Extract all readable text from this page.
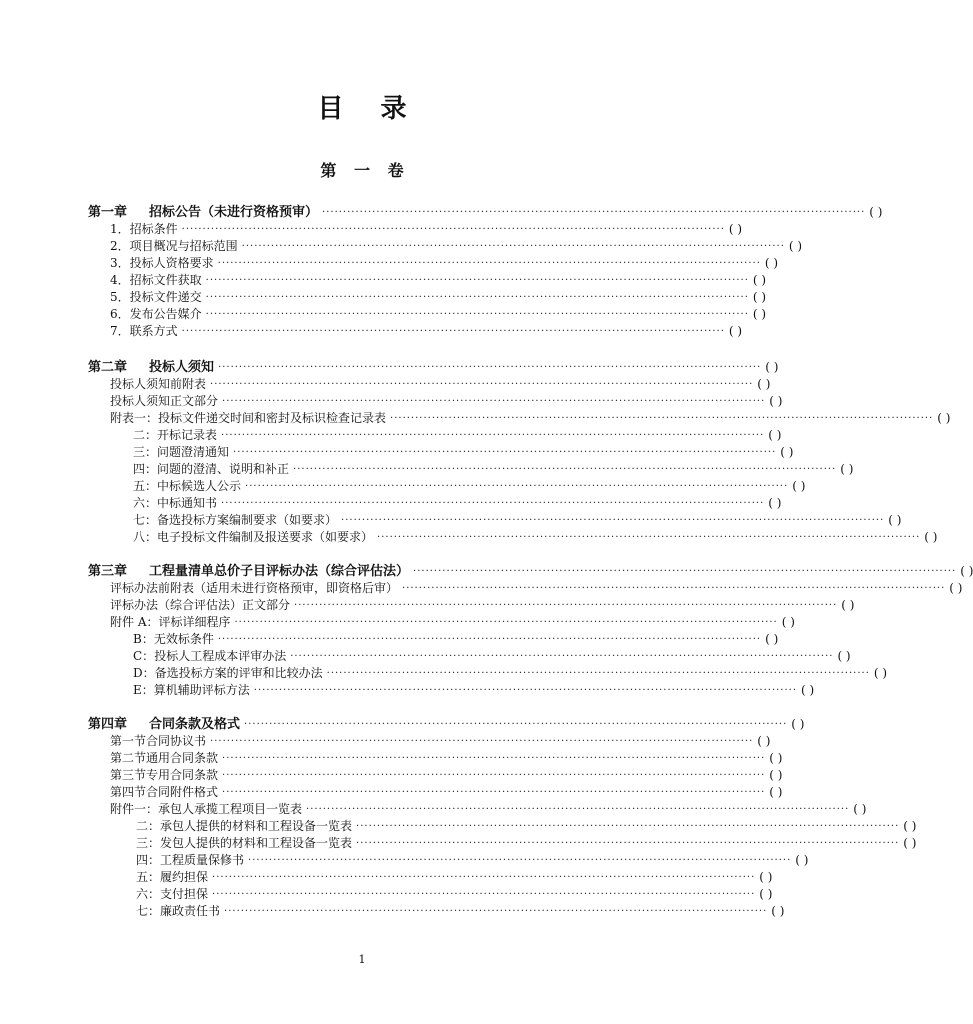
目 录
第 一 卷
第一章 招标公告（未进行资格预审） ·································································································································· ( )
1． 招标条件 ·································································································································· ( )
2． 项目概况与招标范围 ·································································································································· ( )
3． 投标人资格要求 ·································································································································· ( )
4． 招标文件获取 ·································································································································· ( )
5． 投标文件递交 ·································································································································· ( )
6． 发布公告媒介 ·································································································································· ( )
7． 联系方式 ·································································································································· ( )
第二章 投标人须知 ·································································································································· ( )
投标人须知前附表 ·································································································································· ( )
投标人须知正文部分 ·································································································································· ( )
附表一： 投标文件递交时间和密封及标识检查记录表 ·································································································································· ( )
二： 开标记录表 ·································································································································· ( )
三： 问题澄清通知 ·································································································································· ( )
四： 问题的澄清、说明和补正 ·································································································································· ( )
五： 中标候选人公示 ·································································································································· ( )
六： 中标通知书 ·································································································································· ( )
七： 备选投标方案编制要求（如要求） ·································································································································· ( )
八： 电子投标文件编制及报送要求（如要求） ·································································································································· ( )
第三章 工程量清单总价子目评标办法（综合评估法） ·································································································································· ( )
评标办法前附表（适用未进行资格预审，即资格后审） ·································································································································· ( )
评标办法（综合评估法）正文部分 ·································································································································· ( )
附件 A： 评标详细程序 ·································································································································· ( )
B： 无效标条件 ·································································································································· ( )
C： 投标人工程成本评审办法 ·································································································································· ( )
D： 备选投标方案的评审和比较办法 ·································································································································· ( )
E： 算机辅助评标方法 ·································································································································· ( )
第四章 合同条款及格式 ·································································································································· ( )
第一节 合同协议书 ·································································································································· ( )
第二节 通用合同条款 ·································································································································· ( )
第三节 专用合同条款 ·································································································································· ( )
第四节 合同附件格式 ·································································································································· ( )
附件一： 承包人承揽工程项目一览表 ·································································································································· ( )
二： 承包人提供的材料和工程设备一览表 ·································································································································· ( )
三： 发包人提供的材料和工程设备一览表 ·································································································································· ( )
四： 工程质量保修书 ·································································································································· ( )
五： 履约担保 ·································································································································· ( )
六： 支付担保 ·································································································································· ( )
七： 廉政责任书 ·································································································································· ( )
1
